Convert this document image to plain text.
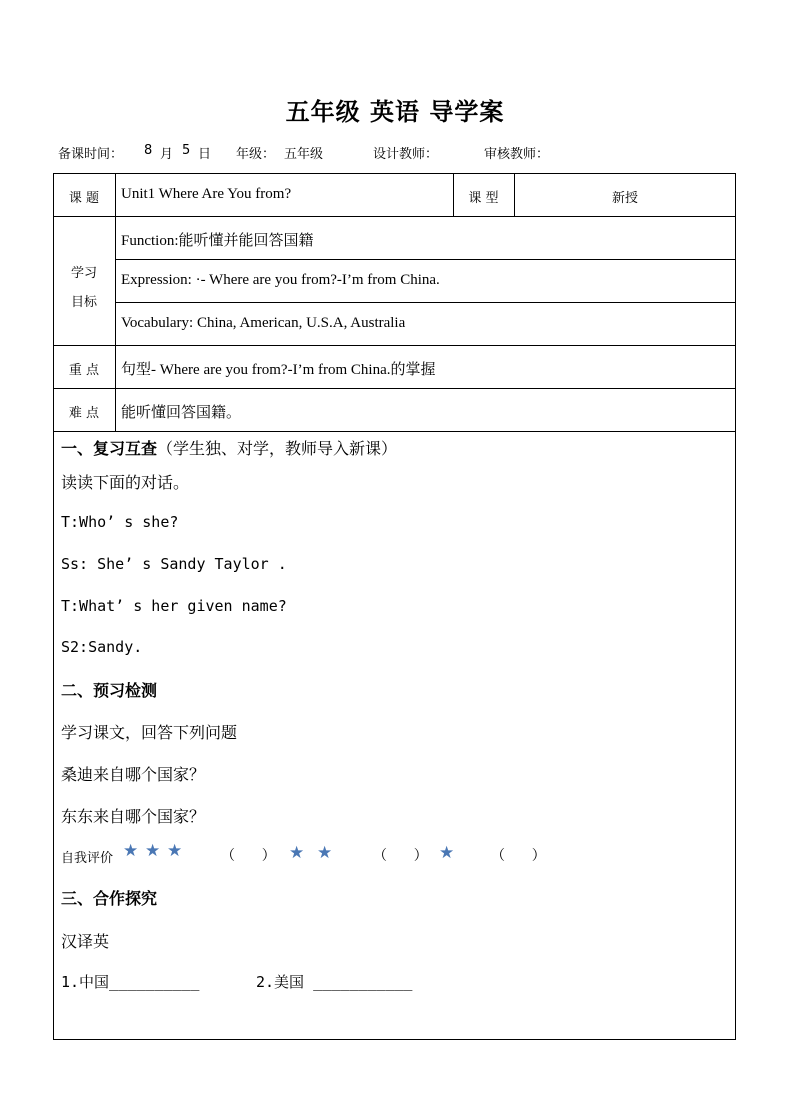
五年级 英语 导学案
备课时间： 8 月 5 日 年级： 五年级	设计教师：	审核教师：
课 题	Unit1 Where Are You from?	课 型	新授
学习
目标
Function:能听懂并能回答国籍
Expression: ·- Where are you from?-I’m from China.
Vocabulary: China, American, U.S.A, Australia
重 点	句型- Where are you from?-I’m from China.的掌握
难 点	能听懂回答国籍。
一、复习互查（学生独、对学，教师导入新课）
读读下面的对话。
T:Who’ s she?
Ss: She’ s Sandy Taylor .
T:What’ s her given name?
S2:Sandy.
二、预习检测
学习课文，回答下列问题
桑迪来自哪个国家？
东东来自哪个国家？
自我评价 ★ ★ ★	（      ） ★ ★	（      ） ★	（      ）
三、合作探究
汉译英
1.中国__________	2.美国 ___________
